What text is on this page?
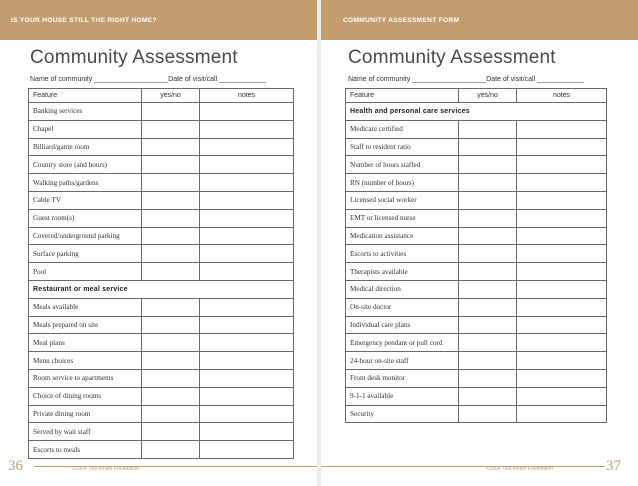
IS YOUR HOUSE STILL THE RIGHT HOME?
Community Assessment
Name of community ___________________Date of visit/call ____________
Feature	yes/no	notes
Banking services		
Chapel		
Billiard/game room		
Country store (and hours)		
Walking paths/gardens		
Cable TV		
Guest room(s)		
Covered/underground parking		
Surface parking		
Pool		
Restaurant or meal service		
Meals available		
Meals prepared on site		
Meal plans		
Menu choices		
Room service to apartments		
Choice of dining rooms		
Private dining room		
Served by wait staff		
Escorts to meals		
36	©2004 Touchmark Foundation
COMMUNITY ASSESSMENT FORM
Community Assessment
Name of community ___________________Date of visit/call ____________
Feature	yes/no	notes
Health and personal care services		
Medicare certified		
Staff to resident ratio		
Number of hours staffed		
RN (number of hours)		
Licensed social worker		
EMT or licensed nurse		
Medication assistance		
Escorts to activities		
Therapists available		
Medical direction		
On-site doctor		
Individual care plans		
Emergency pendant or pull cord		
24-hour on-site staff		
Front desk monitor		
9-1-1 available		
Security		
©2004 Touchmark Foundation	37
